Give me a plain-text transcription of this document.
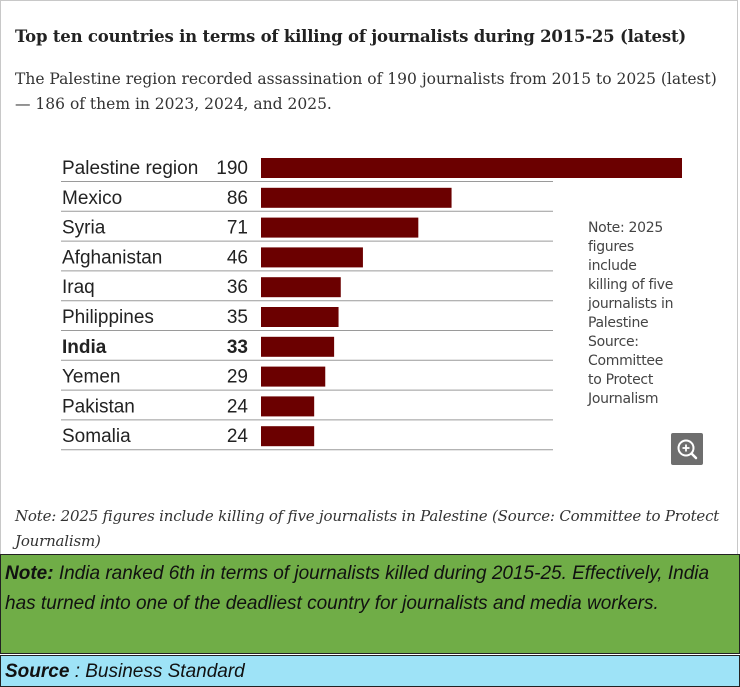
Top ten countries in terms of killing of journalists during 2015-25 (latest)

The Palestine region recorded assassination of 190 journalists from 2015 to 2025 (latest) — 186 of them in 2023, 2024, and 2025.

Palestine region 190
Mexico	86
Syria	71
Afghanistan	46
Iraq	36
Philippines	35
India	33
Yemen	29
Pakistan	24
Somalia	24
Note: 2025
figures
include
killing of five
journalists in
Palestine
Source:
Committee
to Protect
Journalism

Note: 2025 figures include killing of five journalists in Palestine (Source: Committee to Protect Journalism)

Note: India ranked 6th in terms of journalists killed during 2015-25. Effectively, India has turned into one of the deadliest country for journalists and media workers.
Source : Business Standard
